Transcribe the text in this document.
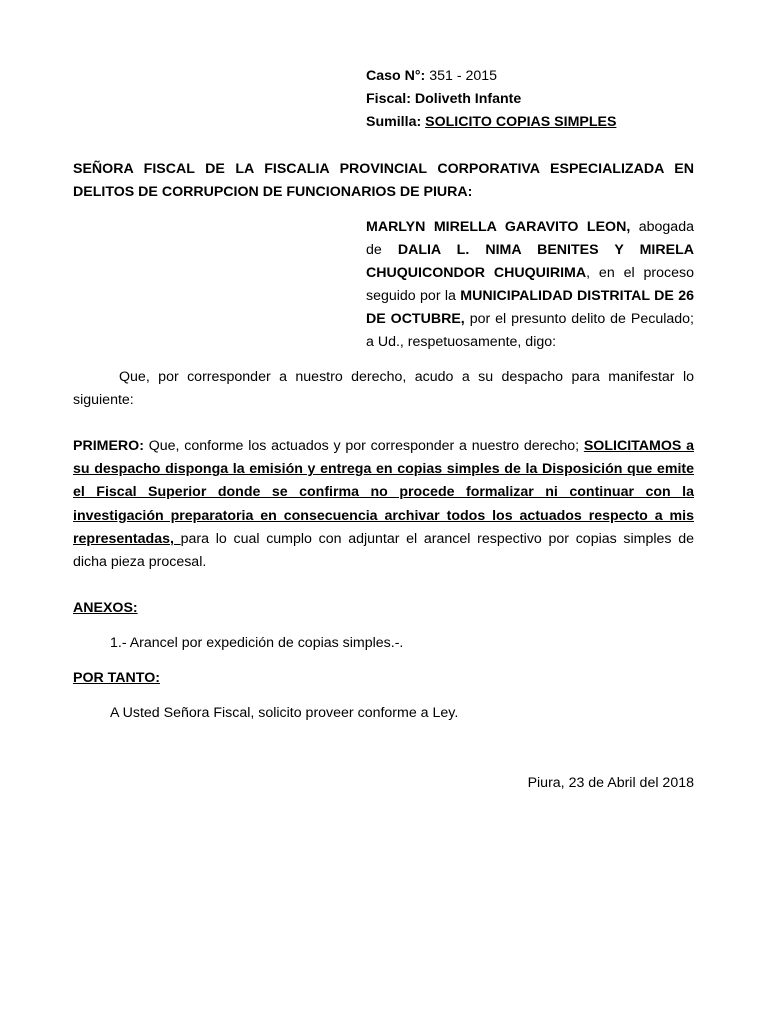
Caso N°: 351 - 2015
Fiscal: Doliveth Infante
Sumilla: SOLICITO COPIAS SIMPLES
SEÑORA FISCAL DE LA FISCALIA PROVINCIAL CORPORATIVA ESPECIALIZADA EN DELITOS DE CORRUPCION DE FUNCIONARIOS DE PIURA:
MARLYN MIRELLA GARAVITO LEON, abogada de DALIA L. NIMA BENITES Y MIRELA CHUQUICONDOR CHUQUIRIMA, en el proceso seguido por la MUNICIPALIDAD DISTRITAL DE 26 DE OCTUBRE, por el presunto delito de Peculado; a Ud., respetuosamente, digo:
Que, por corresponder a nuestro derecho, acudo a su despacho para manifestar lo siguiente:
PRIMERO: Que, conforme los actuados y por corresponder a nuestro derecho; SOLICITAMOS a su despacho disponga la emisión y entrega en copias simples de la Disposición que emite el Fiscal Superior donde se confirma no procede formalizar ni continuar con la investigación preparatoria en consecuencia archivar todos los actuados respecto a mis representadas, para lo cual cumplo con adjuntar el arancel respectivo por copias simples de dicha pieza procesal.
ANEXOS:
1.- Arancel por expedición de copias simples.-.
POR TANTO:
A Usted Señora Fiscal, solicito proveer conforme a Ley.
Piura, 23 de Abril del 2018
